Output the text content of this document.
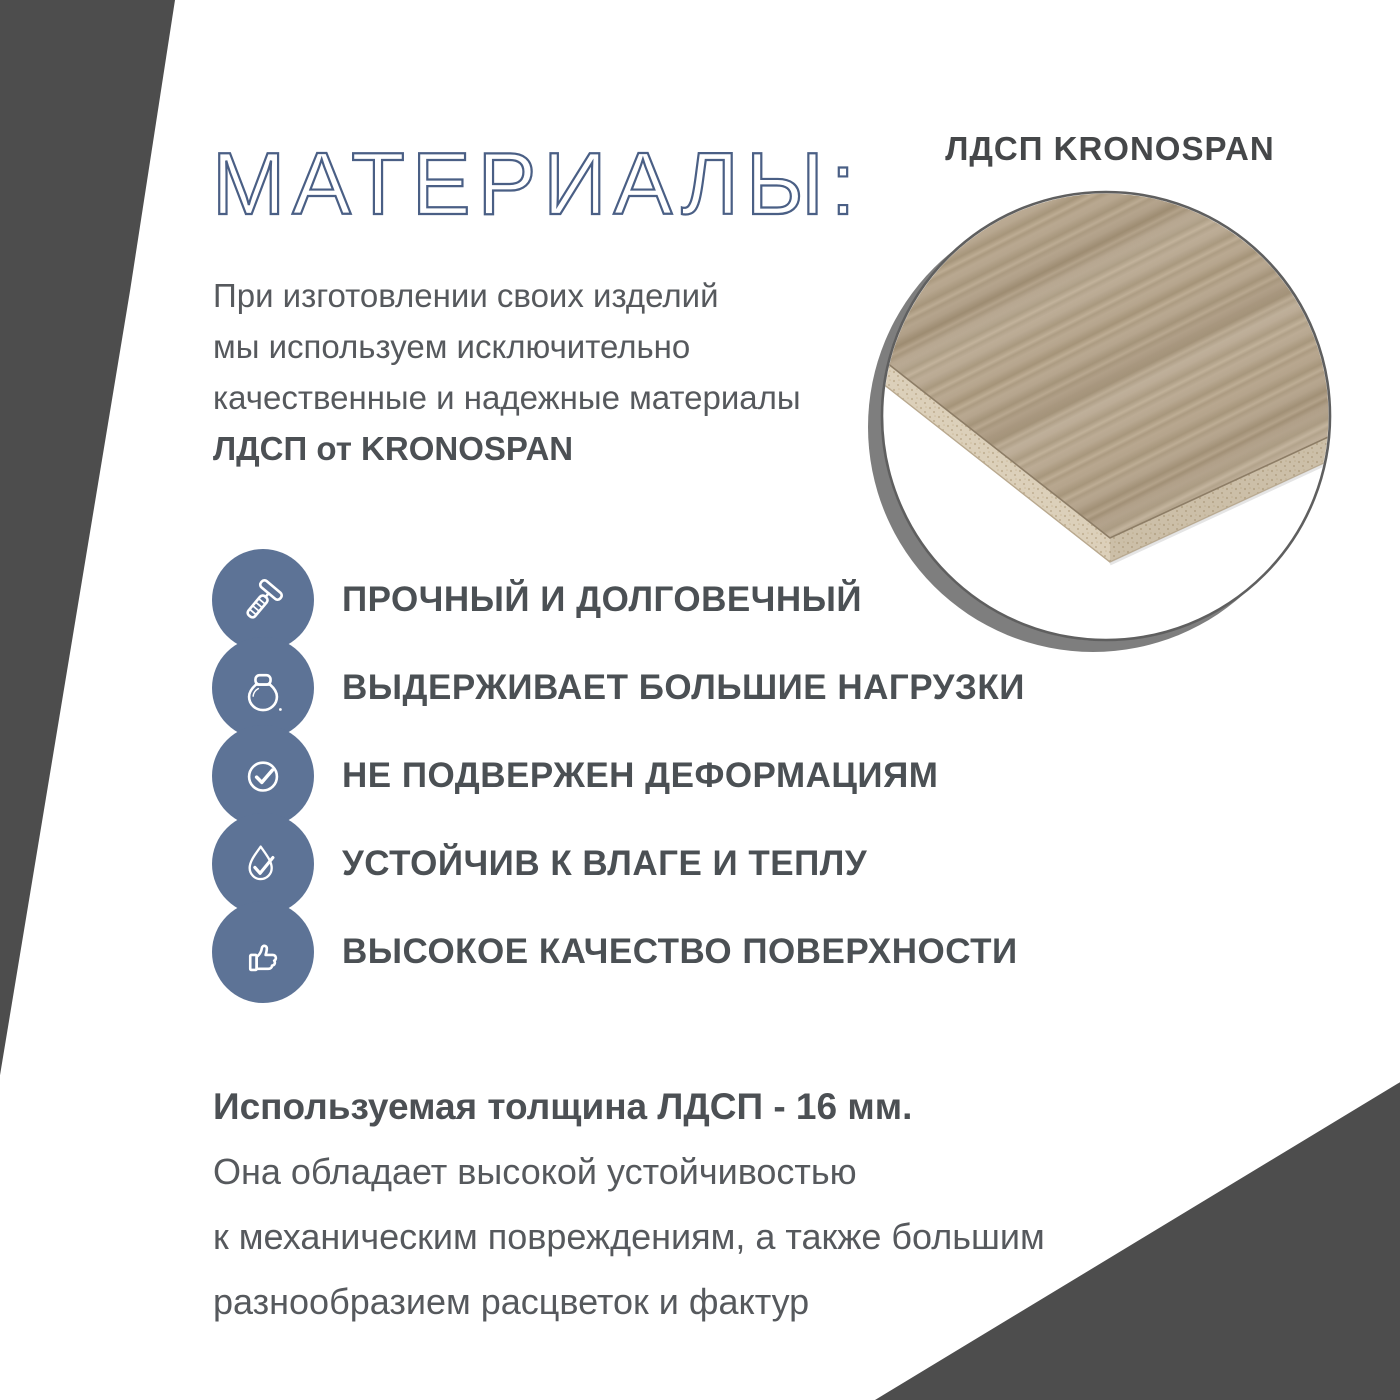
МАТЕРИАЛЫ:
При изготовлении своих изделий
мы используем исключительно
качественные и надежные материалы
ЛДСП от KRONOSPAN
ЛДСП KRONOSPAN
ПРОЧНЫЙ И ДОЛГОВЕЧНЫЙ
ВЫДЕРЖИВАЕТ БОЛЬШИЕ НАГРУЗКИ
НЕ ПОДВЕРЖЕН ДЕФОРМАЦИЯМ
УСТОЙЧИВ К ВЛАГЕ И ТЕПЛУ
ВЫСОКОЕ КАЧЕСТВО ПОВЕРХНОСТИ
Используемая толщина ЛДСП - 16 мм.
Она обладает высокой устойчивостью
к механическим повреждениям, а также большим
разнообразием расцветок и фактур
